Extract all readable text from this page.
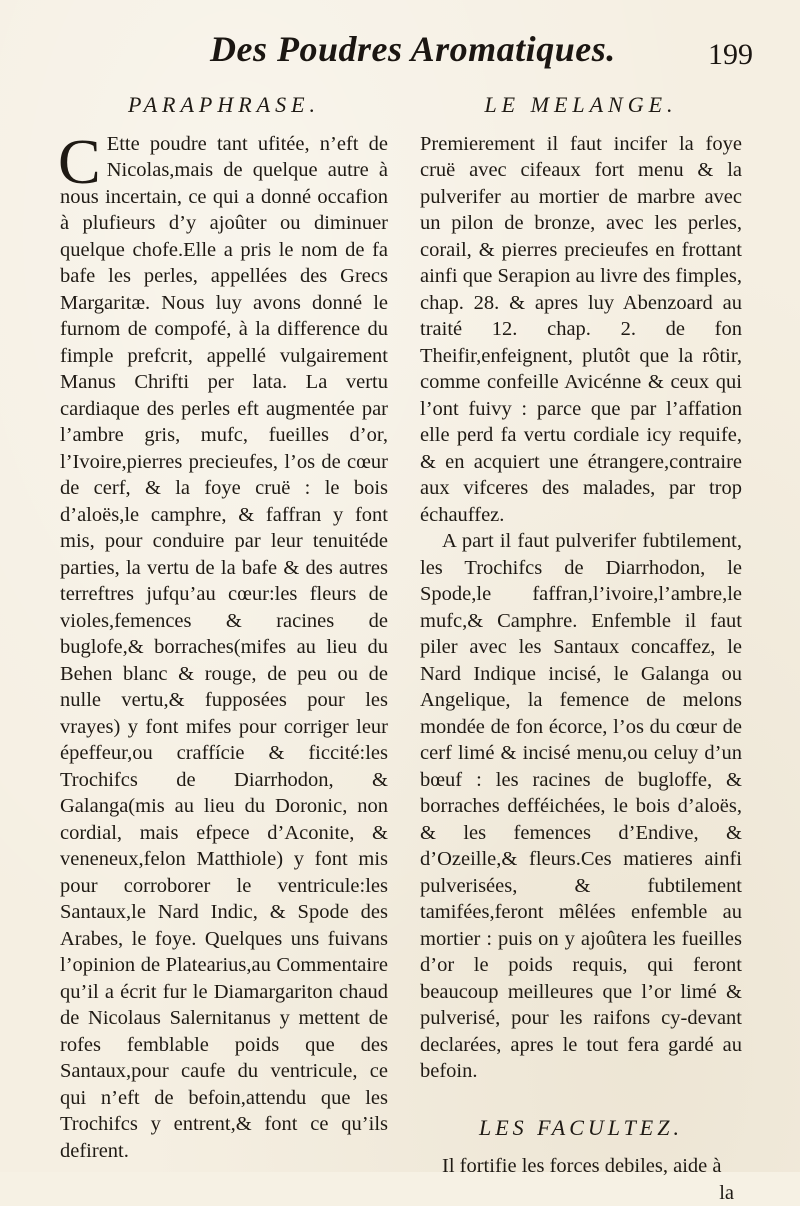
Des Poudres Aromatiques.	199
PARAPHRASE.

C Ette poudre tant ufitée, n’eft de Nicolas,mais de quelque autre à nous incertain, ce qui a donné occafion à plufieurs d’y ajoûter ou diminuer quelque chofe.Elle a pris le nom de fa bafe les perles, appellées des Grecs Margaritæ. Nous luy avons donné le furnom de compofé, à la difference du fimple prefcrit, appellé vulgairement Manus Chrifti per lata. La vertu cardiaque des perles eft augmentée par l’ambre gris, mufc, fueilles d’or, l’Ivoire,pierres precieufes, l’os de cœur de cerf, & la foye cruë : le bois d’aloës,le camphre, & faffran y font mis, pour conduire par leur tenuitéde parties, la vertu de la bafe & des autres terreftres jufqu’au cœur:les fleurs de violes,femences & racines de buglofe,& borraches(mifes au lieu du Behen blanc & rouge, de peu ou de nulle vertu,& fupposées pour les vrayes) y font mifes pour corriger leur épeffeur,ou craffície & ficcité:les Trochifcs de Diarrhodon, & Galanga(mis au lieu du Doronic, non cordial, mais efpece d’Aconite, & veneneux,felon Matthiole) y font mis pour corroborer le ventricule:les Santaux,le Nard Indic, & Spode des Arabes, le foye. Quelques uns fuivans l’opinion de Platearius,au Commentaire qu’il a écrit fur le Diamargariton chaud de Nicolaus Salernitanus y mettent de rofes femblable poids que des Santaux,pour caufe du ventricule, ce qui n’eft de befoin,attendu que les Trochifcs y entrent,& font ce qu’ils defirent.

LE MELANGE.

Premierement il faut incifer la foye cruë avec cifeaux fort menu & la pulverifer au mortier de marbre avec un pilon de bronze, avec les perles, corail, & pierres precieufes en frottant ainfi que Serapion au livre des fimples, chap. 28. & apres luy Abenzoard au traité 12. chap. 2. de fon Theifir,enfeignent, plutôt que la rôtir, comme confeille Avicénne & ceux qui l’ont fuivy : parce que par l’affation elle perd fa vertu cordiale icy requife, & en acquiert une étrangere,contraire aux vifceres des malades, par trop échauffez.

A part il faut pulverifer fubtilement, les Trochifcs de Diarrhodon, le Spode,le faffran,l’ivoire,l’ambre,le mufc,& Camphre. Enfemble il faut piler avec les Santaux concaffez, le Nard Indique incisé, le Galanga ou Angelique, la femence de melons mondée de fon écorce, l’os du cœur de cerf limé & incisé menu,ou celuy d’un bœuf : les racines de bugloffe, & borraches defféichées, le bois d’aloës, & les femences d’Endive, & d’Ozeille,& fleurs.Ces matieres ainfi pulverisées, & fubtilement tamifées,feront mêlées enfemble au mortier : puis on y ajoûtera les fueilles d’or le poids requis, qui feront beaucoup meilleures que l’or limé & pulverisé, pour les raifons cy-devant declarées, apres le tout fera gardé au befoin.

LES FACULTEZ.

Il fortifie les forces debiles, aide à

la
